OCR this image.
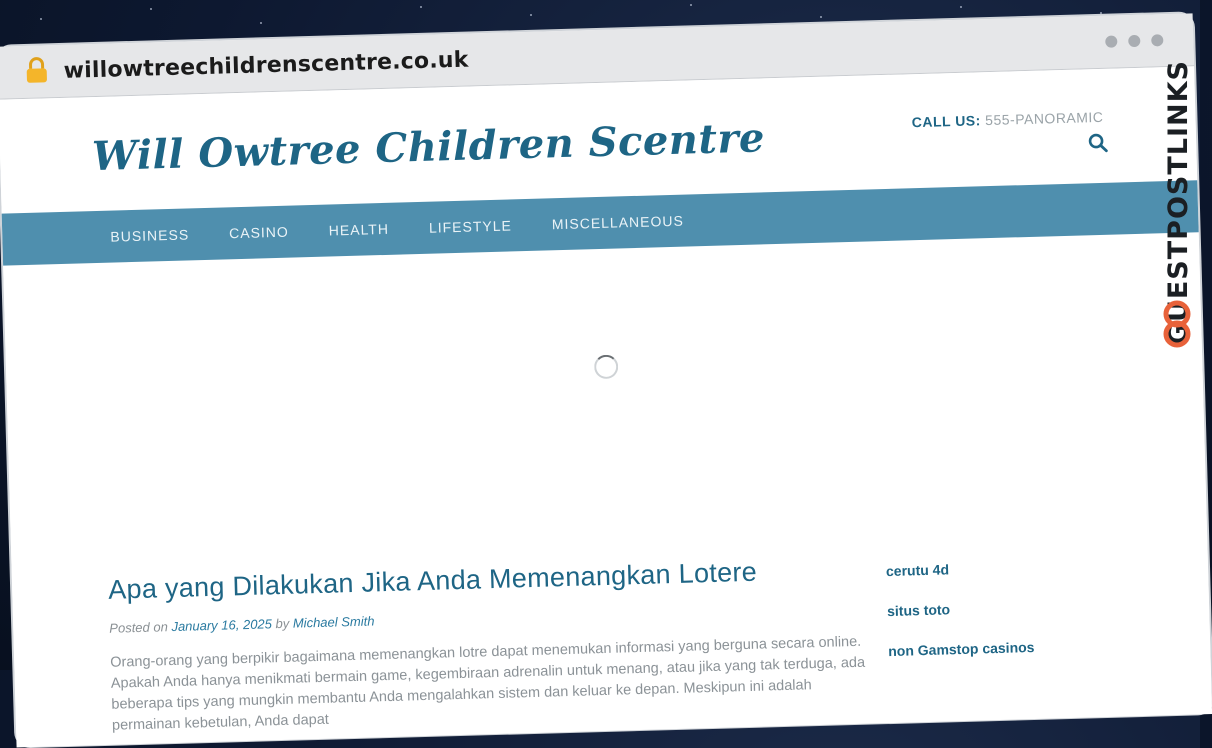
willowtreechildrenscentre.co.uk
Will Owtree Children Scentre	CALL US: 555-PANORAMIC
BUSINESS	CASINO	HEALTH	LIFESTYLE	MISCELLANEOUS
Apa yang Dilakukan Jika Anda Memenangkan Lotere
Posted on January 16, 2025 by Michael Smith
Orang-orang yang berpikir bagaimana memenangkan lotre dapat menemukan informasi yang berguna secara online. Apakah Anda hanya menikmati bermain game, kegembiraan adrenalin untuk menang, atau jika yang tak terduga, ada beberapa tips yang mungkin membantu Anda mengalahkan sistem dan keluar ke depan. Meskipun ini adalah permainan kebetulan, Anda dapat
cerutu 4d
situs toto
non Gamstop casinos
GUESTPOSTLINKS
